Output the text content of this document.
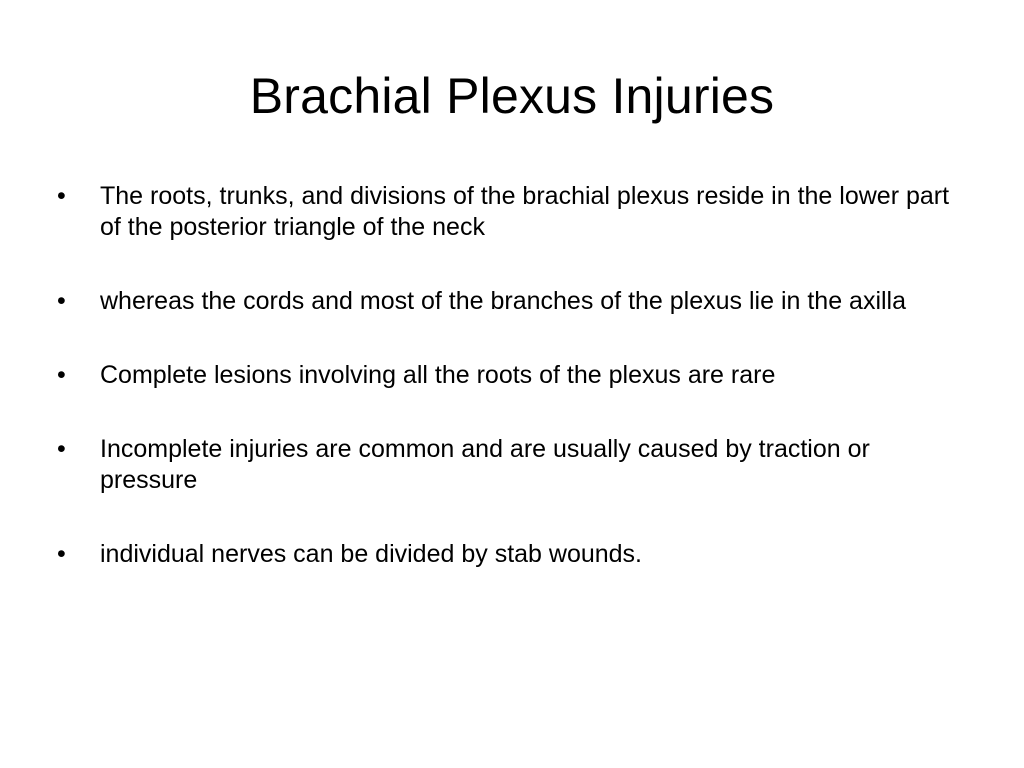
Brachial Plexus Injuries
•	The roots, trunks, and divisions of the brachial plexus reside in the lower part of the posterior triangle of the neck
•	whereas the cords and most of the branches of the plexus lie in the axilla
•	Complete lesions involving all the roots of the plexus are rare
•	Incomplete injuries are common and are usually caused by traction or pressure
•	individual nerves can be divided by stab wounds.
